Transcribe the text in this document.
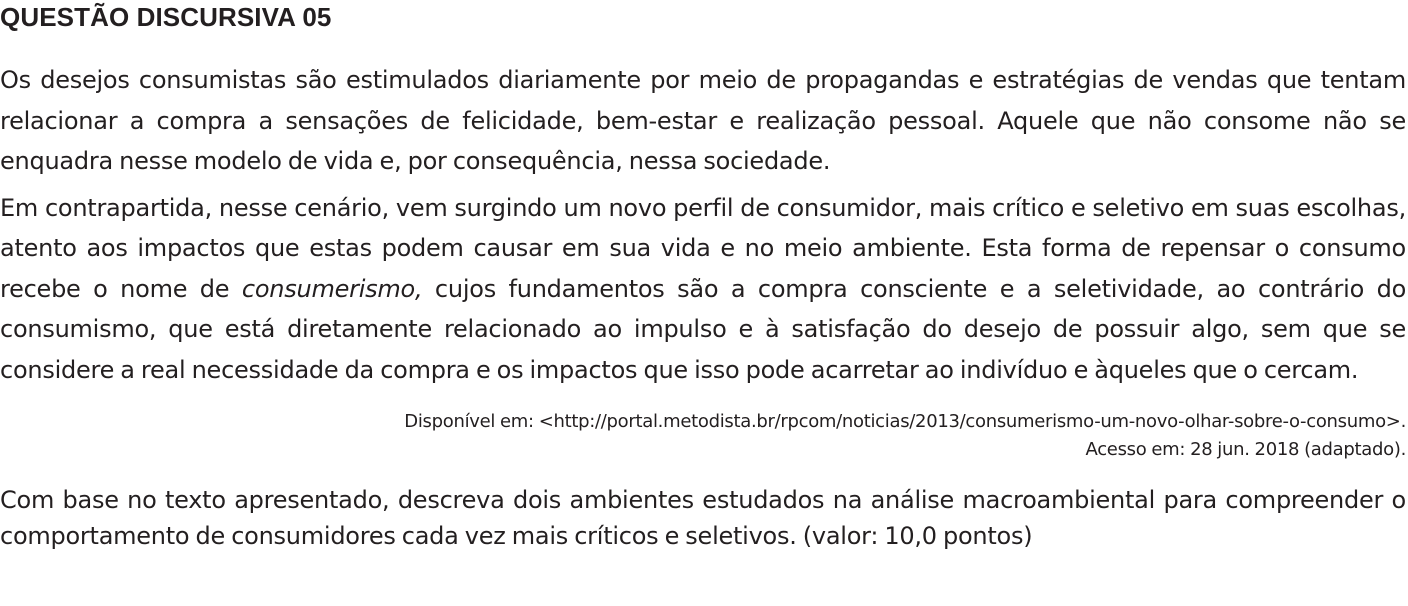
QUESTÃO DISCURSIVA 05

Os desejos consumistas são estimulados diariamente por meio de propagandas e estratégias de vendas que tentam relacionar a compra a sensações de felicidade, bem-estar e realização pessoal. Aquele que não consome não se enquadra nesse modelo de vida e, por consequência, nessa sociedade.

Em contrapartida, nesse cenário, vem surgindo um novo perfil de consumidor, mais crítico e seletivo em suas escolhas, atento aos impactos que estas podem causar em sua vida e no meio ambiente. Esta forma de repensar o consumo recebe o nome de consumerismo, cujos fundamentos são a compra consciente e a seletividade, ao contrário do consumismo, que está diretamente relacionado ao impulso e à satisfação do desejo de possuir algo, sem que se considere a real necessidade da compra e os impactos que isso pode acarretar ao indivíduo e àqueles que o cercam.

Disponível em: <http://portal.metodista.br/rpcom/noticias/2013/consumerismo-um-novo-olhar-sobre-o-consumo>.
Acesso em: 28 jun. 2018 (adaptado).

Com base no texto apresentado, descreva dois ambientes estudados na análise macroambiental para compreender o comportamento de consumidores cada vez mais críticos e seletivos. (valor: 10,0 pontos)
